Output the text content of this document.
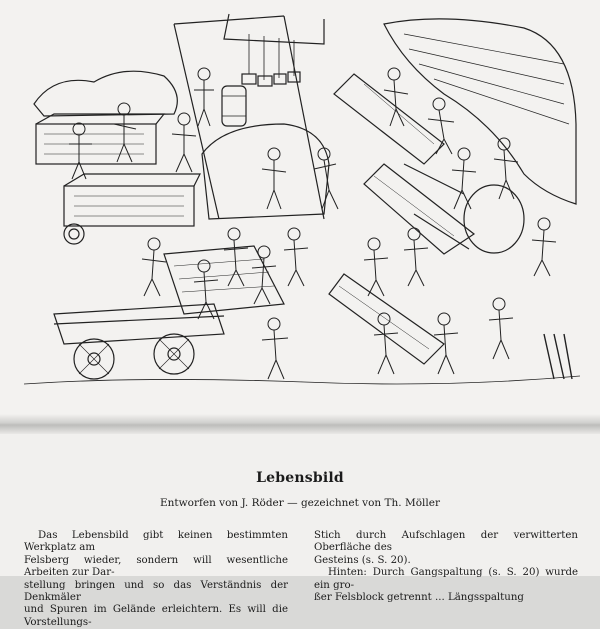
Lebensbild
Entworfen von J. Röder — gezeichnet von Th. Möller

Das Lebensbild gibt keinen bestimmten Werkplatz am

Felsberg wieder, sondern will wesentliche Arbeiten zur Dar-

stellung bringen und so das Verständnis der Denkmäler

und Spuren im Gelände erleichtern. Es will die Vorstellungs-

Stich durch Aufschlagen der verwitterten Oberfläche des

Gesteins (s. S. 20).

Hinten: Durch Gangspaltung (s. S. 20) wurde ein gro-

ßer Felsblock getrennt ... Längsspaltung
